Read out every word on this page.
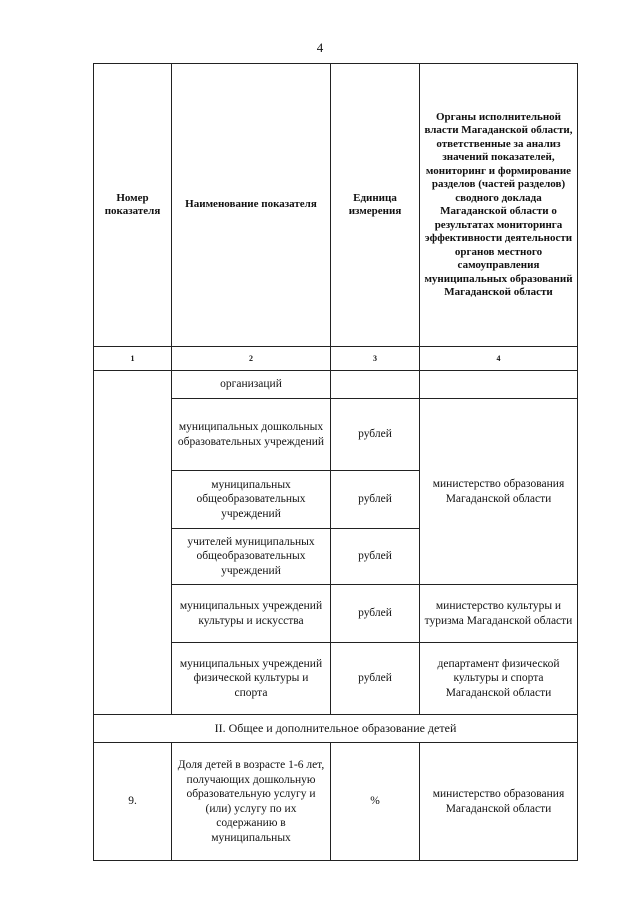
4
Номер показателя	Наименование показателя	Единица измерения	Органы исполнительной власти Магаданской области, ответственные за анализ значений показателей, мониторинг и формирование разделов (частей разделов) сводного доклада Магаданской области о результатах мониторинга эффективности деятельности органов местного самоуправления муниципальных образований Магаданской области
1	2	3	4
	организаций		
	муниципальных дошкольных образовательных учреждений	рублей	министерство образования Магаданской области
	муниципальных общеобразовательных учреждений	рублей	
	учителей муниципальных общеобразовательных учреждений	рублей	
	муниципальных учреждений культуры и искусства	рублей	министерство культуры и туризма Магаданской области
	муниципальных учреждений физической культуры и спорта	рублей	департамент физической культуры и спорта Магаданской области
II. Общее и дополнительное образование детей			
9.	Доля детей в возрасте 1-6 лет, получающих дошкольную образовательную услугу и (или) услугу по их содержанию в муниципальных	%	министерство образования Магаданской области
